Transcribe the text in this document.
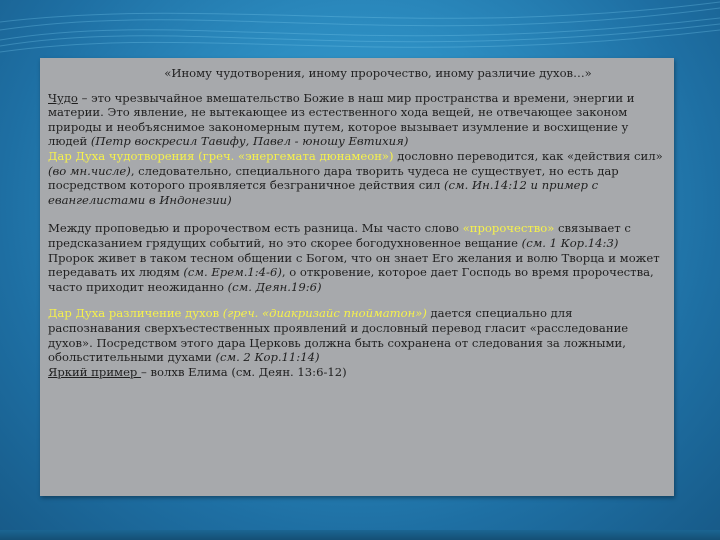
«Иному чудотворения, иному пророчество, иному различие духов…»

Чудо – это чрезвычайное вмешательство Божие в наш мир пространства и времени, энергии и материи. Это явление, не вытекающее из естественного хода вещей, не отвечающее законом природы и необъяснимое закономерным путем, которое вызывает изумление и восхищение у людей (Петр воскресил Тавифу, Павел - юношу Евтихия)

Дар Духа чудотворения (греч. «энергемата дюнамеон») дословно переводится, как «действия сил» (во мн.числе), следовательно, специального дара творить чудеса не существует, но есть дар посредством которого проявляется безграничное действия сил (см. Ин.14:12 и пример с евангелистами в Индонезии)

Между проповедью и пророчеством есть разница. Мы часто слово «пророчество» связывает с предсказанием грядущих событий, но это скорее богодухновенное вещание (см. 1 Кор.14:3)

Пророк живет в таком тесном общении с Богом, что он знает Его желания и волю Творца и может передавать их людям (см. Ерем.1:4-6), о откровение, которое дает Господь во время пророчества, часто приходит неожиданно (см. Деян.19:6)

Дар Духа различение духов (греч. «диакризайс пнойматон») дается специально для распознавания сверхъестественных проявлений и дословный перевод гласит «расследование духов». Посредством этого дара Церковь должна быть сохранена от следования за ложными, обольстительными духами (см. 2 Кор.11:14)

Яркий пример – волхв Елима (см. Деян. 13:6-12)
